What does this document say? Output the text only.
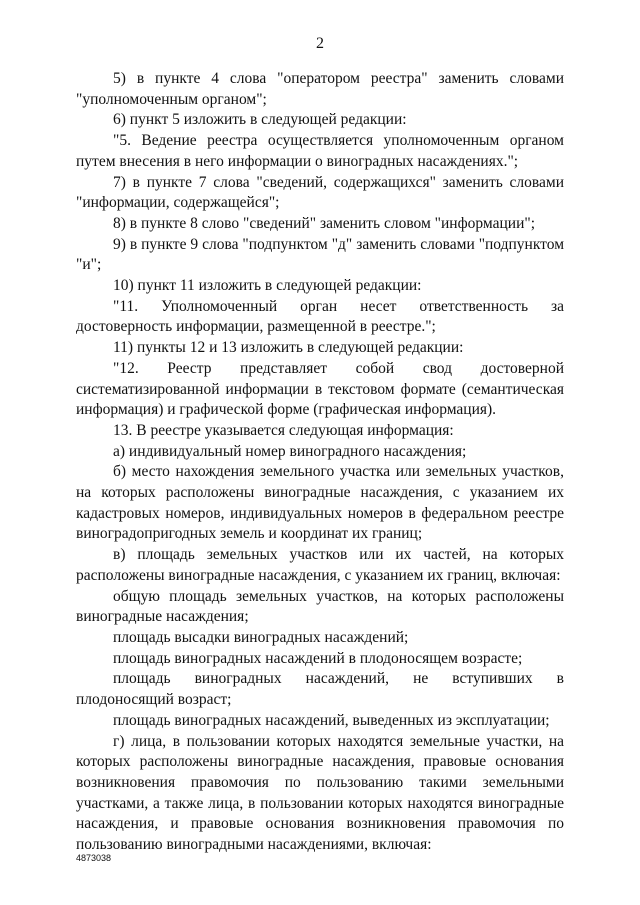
2

5) в пункте 4 слова "оператором реестра" заменить словами "уполномоченным органом";

6) пункт 5 изложить в следующей редакции:

"5. Ведение реестра осуществляется уполномоченным органом путем внесения в него информации о виноградных насаждениях.";

7) в пункте 7 слова "сведений, содержащихся" заменить словами "информации, содержащейся";

8) в пункте 8 слово "сведений" заменить словом "информации";

9) в пункте 9 слова "подпунктом "д" заменить словами "подпунктом "и";

10) пункт 11 изложить в следующей редакции:

"11. Уполномоченный орган несет ответственность за достоверность информации, размещенной в реестре.";

11) пункты 12 и 13 изложить в следующей редакции:

"12. Реестр представляет собой свод достоверной систематизированной информации в текстовом формате (семантическая информация) и графической форме (графическая информация).

13. В реестре указывается следующая информация:

а) индивидуальный номер виноградного насаждения;

б) место нахождения земельного участка или земельных участков, на которых расположены виноградные насаждения, с указанием их кадастровых номеров, индивидуальных номеров в федеральном реестре виноградопригодных земель и координат их границ;

в) площадь земельных участков или их частей, на которых расположены виноградные насаждения, с указанием их границ, включая:

общую площадь земельных участков, на которых расположены виноградные насаждения;

площадь высадки виноградных насаждений;

площадь виноградных насаждений в плодоносящем возрасте;

площадь виноградных насаждений, не вступивших в плодоносящий возраст;

площадь виноградных насаждений, выведенных из эксплуатации;

г) лица, в пользовании которых находятся земельные участки, на которых расположены виноградные насаждения, правовые основания возникновения правомочия по пользованию такими земельными участками, а также лица, в пользовании которых находятся виноградные насаждения, и правовые основания возникновения правомочия по пользованию виноградными насаждениями, включая:

4873038
